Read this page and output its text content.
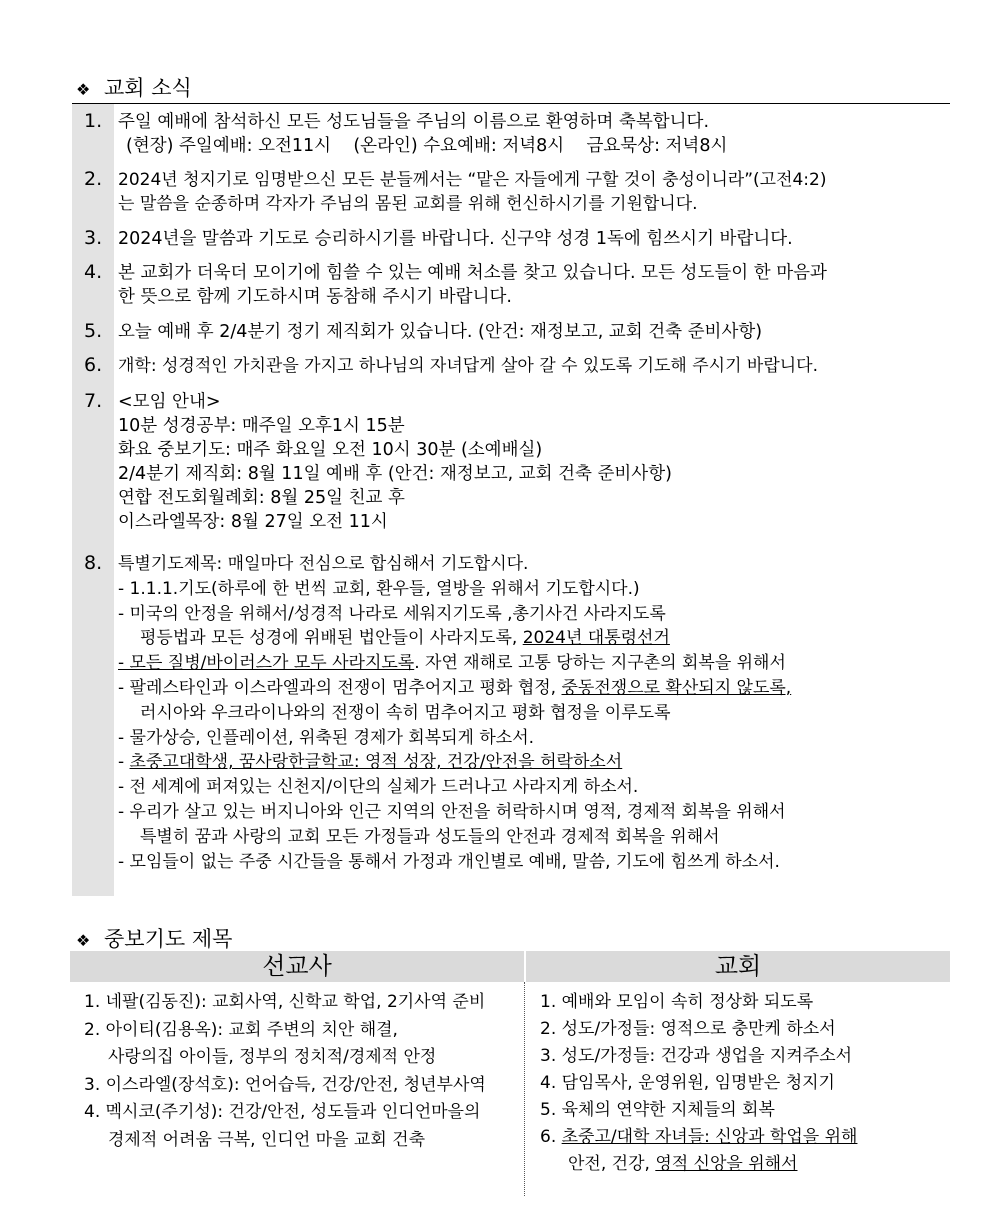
❖ 교회 소식
1. 주일 예배에 참석하신 모든 성도님들을 주님의 이름으로 환영하며 축복합니다.
(현장) 주일예배: 오전11시    (온라인) 수요예배: 저녁8시    금요묵상: 저녁8시
2. 2024년 청지기로 임명받으신 모든 분들께서는 “맡은 자들에게 구할 것이 충성이니라”(고전4:2)
는 말씀을 순종하며 각자가 주님의 몸된 교회를 위해 헌신하시기를 기원합니다.
3. 2024년을 말씀과 기도로 승리하시기를 바랍니다. 신구약 성경 1독에 힘쓰시기 바랍니다.
4. 본 교회가 더욱더 모이기에 힘쓸 수 있는 예배 처소를 찾고 있습니다. 모든 성도들이 한 마음과
한 뜻으로 함께 기도하시며 동참해 주시기 바랍니다.
5. 오늘 예배 후 2/4분기 정기 제직회가 있습니다. (안건: 재정보고, 교회 건축 준비사항)
6. 개학: 성경적인 가치관을 가지고 하나님의 자녀답게 살아 갈 수 있도록 기도해 주시기 바랍니다.
7. <모임 안내>
10분 성경공부: 매주일 오후1시 15분
화요 중보기도: 매주 화요일 오전 10시 30분 (소예배실)
2/4분기 제직회: 8월 11일 예배 후 (안건: 재정보고, 교회 건축 준비사항)
연합 전도회월례회: 8월 25일 친교 후
이스라엘목장: 8월 27일 오전 11시
8. 특별기도제목: 매일마다 전심으로 합심해서 기도합시다.
- 1.1.1.기도(하루에 한 번씩 교회, 환우들, 열방을 위해서 기도합시다.)
- 미국의 안정을 위해서/성경적 나라로 세워지기도록 ,총기사건 사라지도록
평등법과 모든 성경에 위배된 법안들이 사라지도록, 2024년 대통령선거
- 모든 질병/바이러스가 모두 사라지도록. 자연 재해로 고통 당하는 지구촌의 회복을 위해서
- 팔레스타인과 이스라엘과의 전쟁이 멈추어지고 평화 협정, 중동전쟁으로 확산되지 않도록,
러시아와 우크라이나와의 전쟁이 속히 멈추어지고 평화 협정을 이루도록
- 물가상승, 인플레이션, 위축된 경제가 회복되게 하소서.
- 초중고대학생, 꿈사랑한글학교: 영적 성장, 건강/안전을 허락하소서
- 전 세계에 퍼져있는 신천지/이단의 실체가 드러나고 사라지게 하소서.
- 우리가 살고 있는 버지니아와 인근 지역의 안전을 허락하시며 영적, 경제적 회복을 위해서
특별히 꿈과 사랑의 교회 모든 가정들과 성도들의 안전과 경제적 회복을 위해서
- 모임들이 없는 주중 시간들을 통해서 가정과 개인별로 예배, 말씀, 기도에 힘쓰게 하소서.
❖ 중보기도 제목
선교사	교회
1. 네팔(김동진): 교회사역, 신학교 학업, 2기사역 준비
2. 아이티(김용옥): 교회 주변의 치안 해결,
사랑의집 아이들, 정부의 정치적/경제적 안정
3. 이스라엘(장석호): 언어습득, 건강/안전, 청년부사역
4. 멕시코(주기성): 건강/안전, 성도들과 인디언마을의
경제적 어려움 극복, 인디언 마을 교회 건축
1. 예배와 모임이 속히 정상화 되도록
2. 성도/가정들: 영적으로 충만케 하소서
3. 성도/가정들: 건강과 생업을 지켜주소서
4. 담임목사, 운영위원, 임명받은 청지기
5. 육체의 연약한 지체들의 회복
6. 초중고/대학 자녀들: 신앙과 학업을 위해
안전, 건강, 영적 신앙을 위해서
